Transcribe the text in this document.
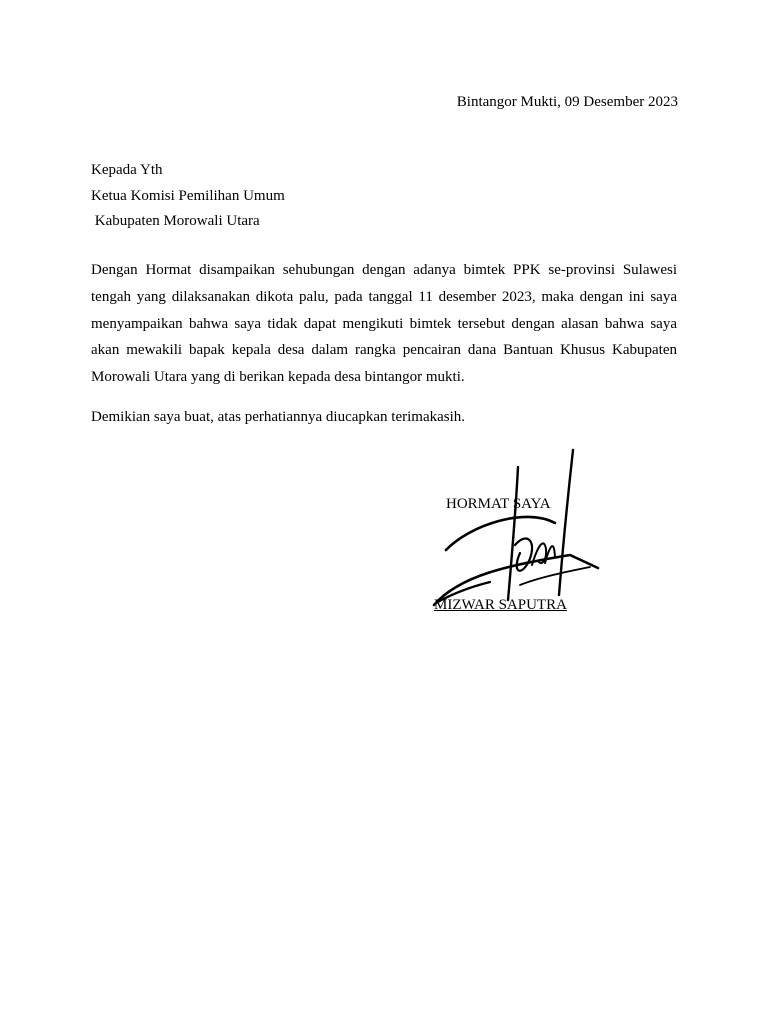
Bintangor Mukti, 09 Desember 2023
Kepada Yth
Ketua Komisi Pemilihan Umum
Kabupaten Morowali Utara

Dengan Hormat disampaikan sehubungan dengan adanya bimtek PPK se-provinsi Sulawesi tengah yang dilaksanakan dikota palu, pada tanggal 11 desember 2023, maka dengan ini saya menyampaikan bahwa saya tidak dapat mengikuti bimtek tersebut dengan alasan bahwa saya akan mewakili bapak kepala desa dalam rangka pencairan dana Bantuan Khusus Kabupaten Morowali Utara yang di berikan kepada desa bintangor mukti.

Demikian saya buat, atas perhatiannya diucapkan terimakasih.

HORMAT SAYA
MIZWAR SAPUTRA
